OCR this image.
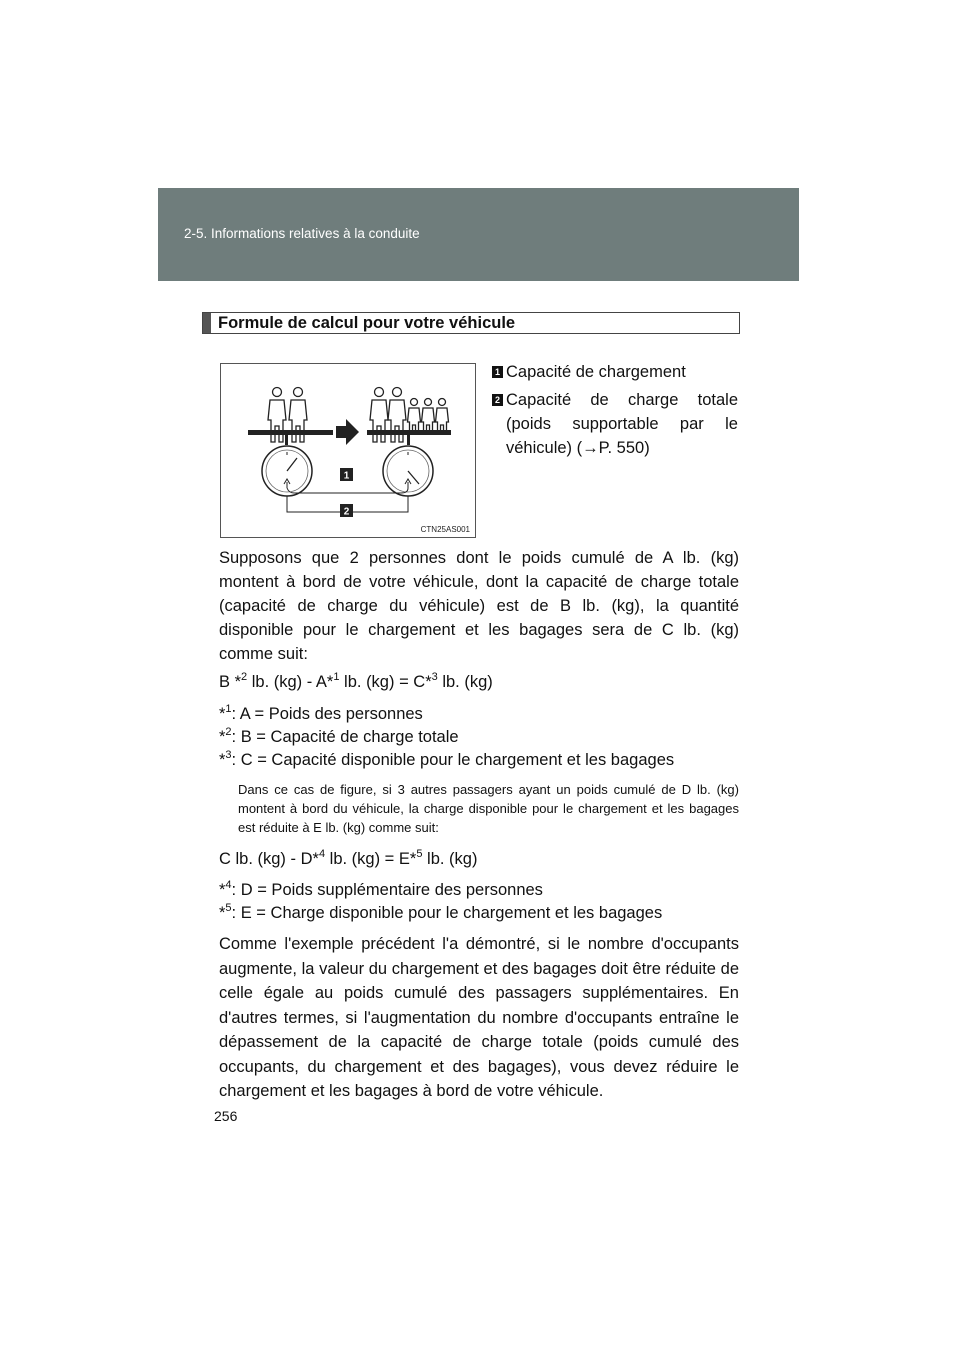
2-5. Informations relatives à la conduite
Formule de calcul pour votre véhicule
1
2
CTN25AS001
1 Capacité de chargement
2 Capacité de charge totale (poids supportable par le véhicule) (→P. 550)
Supposons que 2 personnes dont le poids cumulé de A lb. (kg) montent à bord de votre véhicule, dont la capacité de charge totale (capacité de charge du véhicule) est de B lb. (kg), la quantité disponible pour le chargement et les bagages sera de C lb. (kg) comme suit:
B *$^2$ lb. (kg) - A*$^1$ lb. (kg) = C*$^3$ lb. (kg)
*$^1$: A = Poids des personnes
*$^2$: B = Capacité de charge totale
*$^3$: C = Capacité disponible pour le chargement et les bagages
Dans ce cas de figure, si 3 autres passagers ayant un poids cumulé de D lb. (kg) montent à bord du véhicule, la charge disponible pour le chargement et les bagages est réduite à E lb. (kg) comme suit:
C lb. (kg) - D*$^4$ lb. (kg) = E*$^5$ lb. (kg)
*$^4$: D = Poids supplémentaire des personnes
*$^5$: E = Charge disponible pour le chargement et les bagages
Comme l'exemple précédent l'a démontré, si le nombre d'occupants augmente, la valeur du chargement et des bagages doit être réduite de celle égale au poids cumulé des passagers supplémentaires. En d'autres termes, si l'augmentation du nombre d'occupants entraîne le dépassement de la capacité de charge totale (poids cumulé des occupants, du chargement et des bagages), vous devez réduire le chargement et les bagages à bord de votre véhicule.
256
